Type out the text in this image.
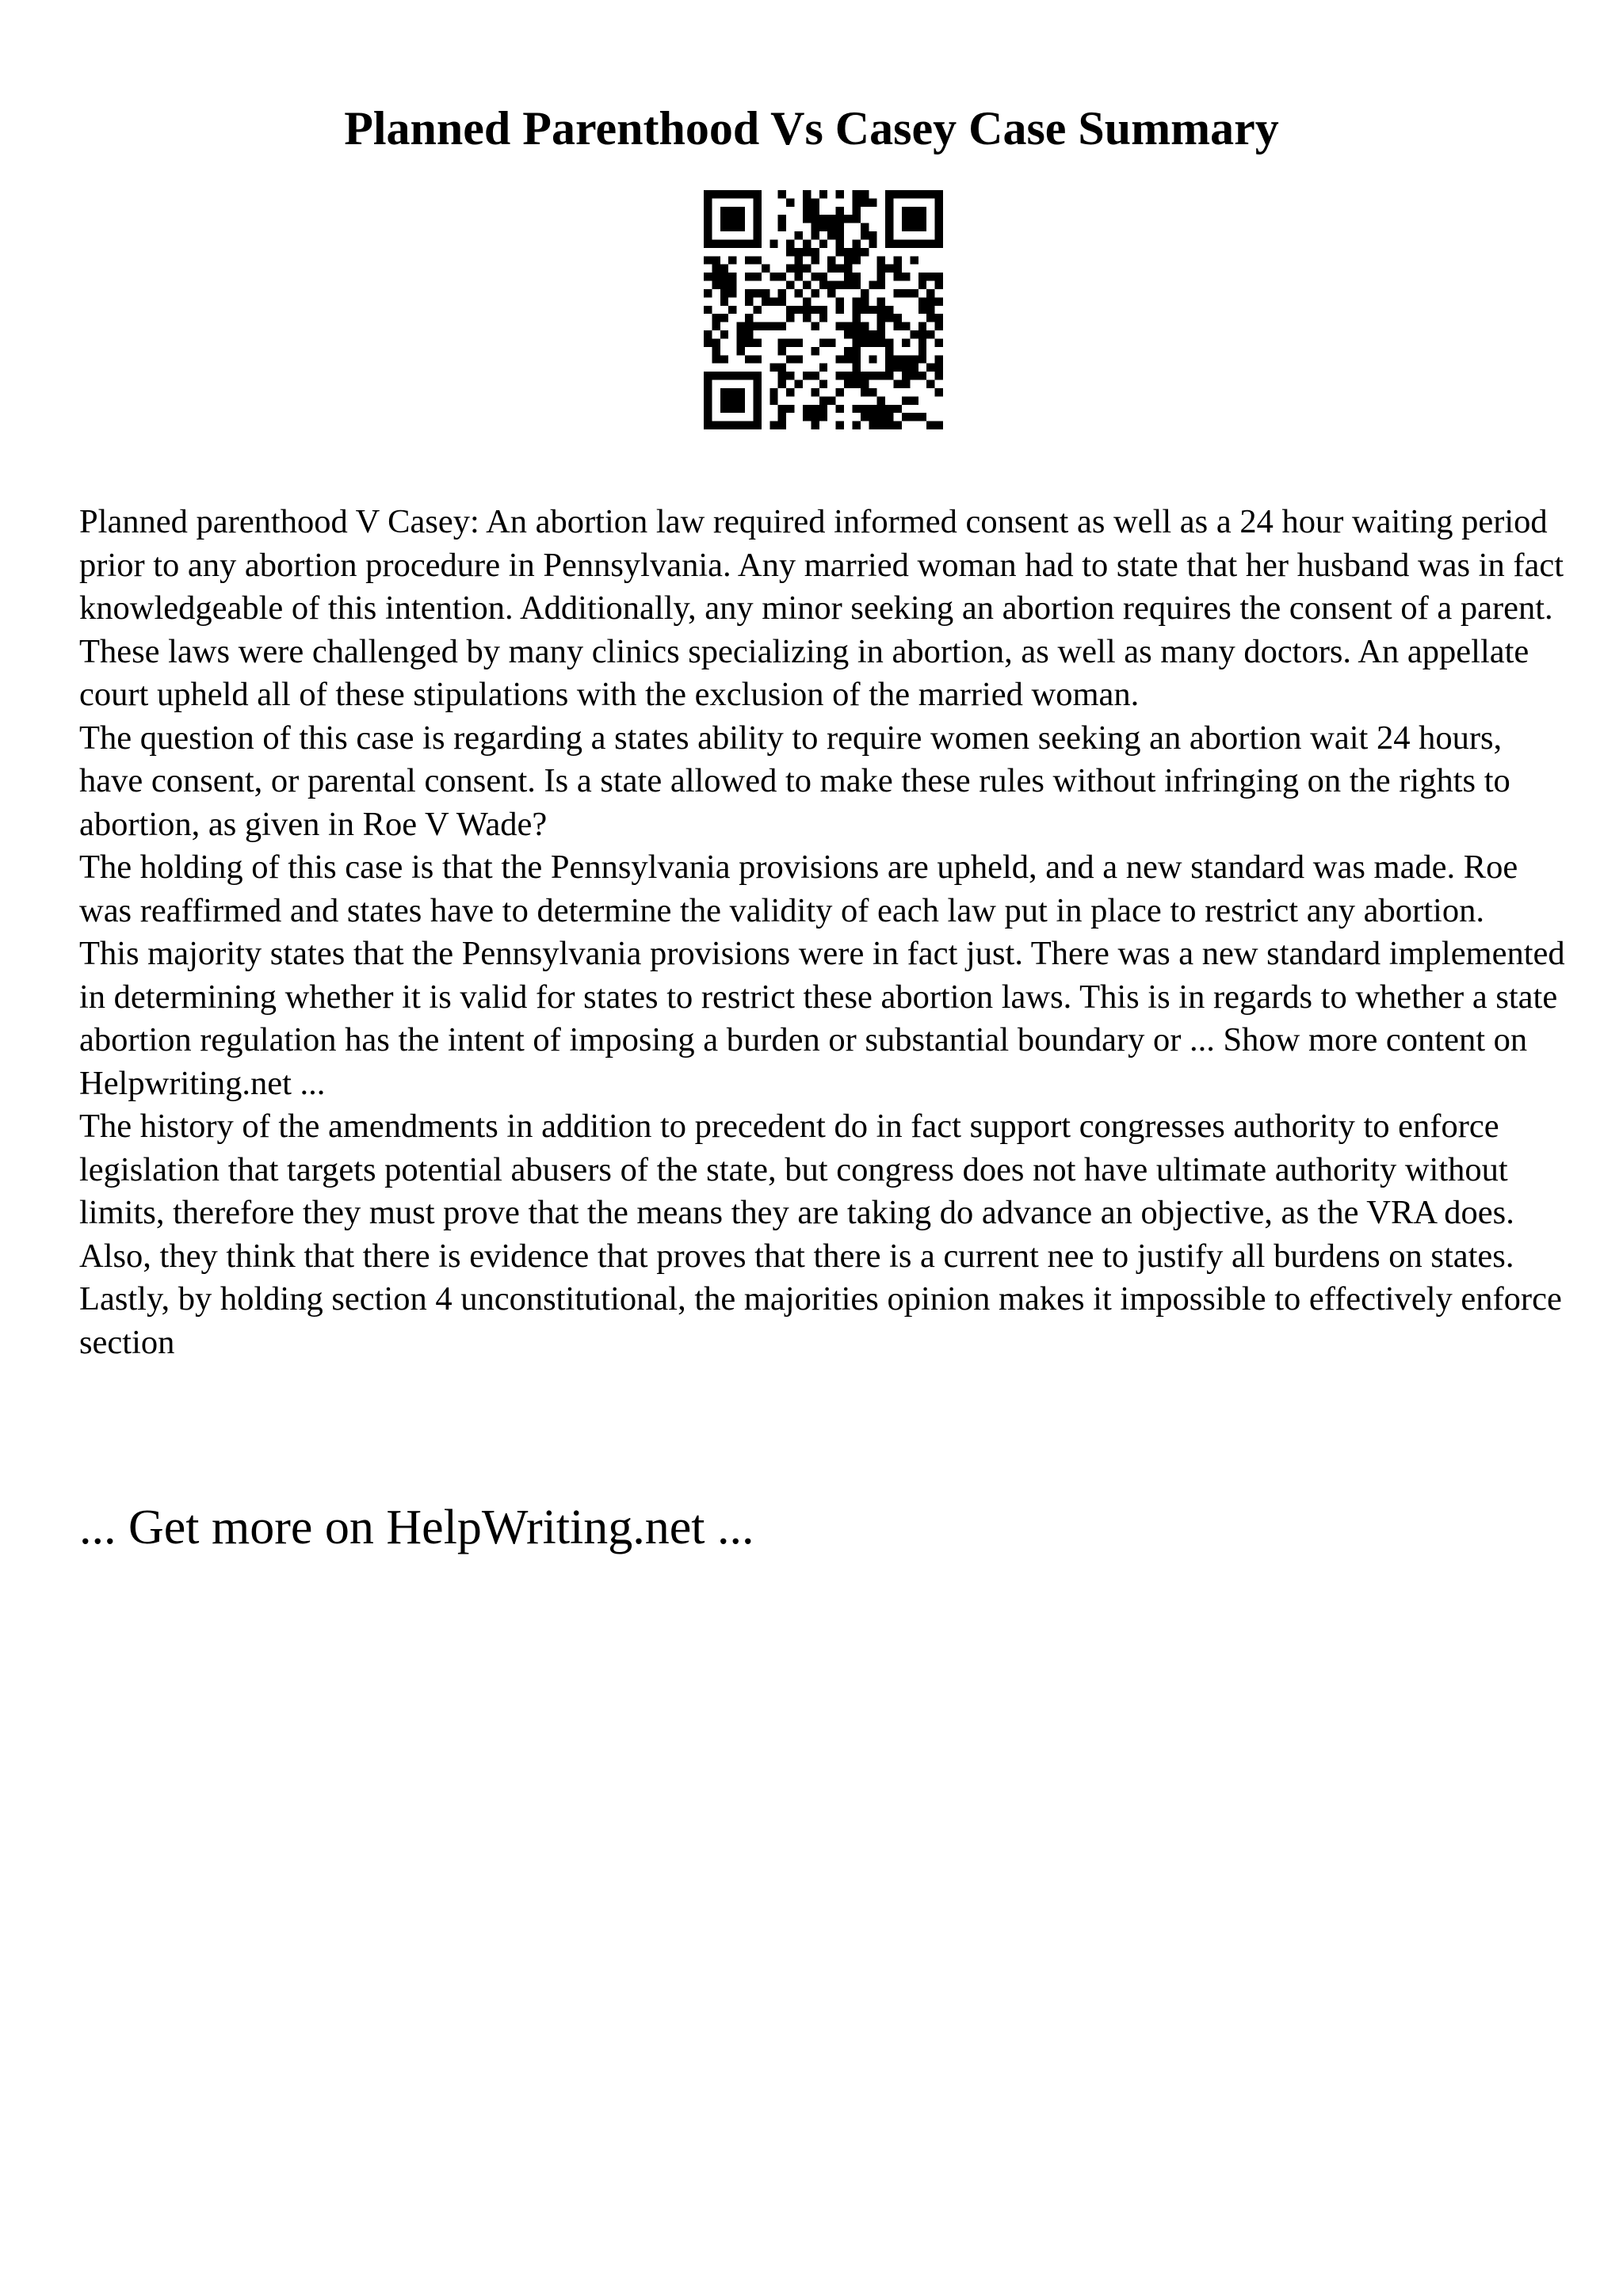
Planned Parenthood Vs Casey Case Summary

Planned parenthood V Casey: An abortion law required informed consent as well as a 24 hour waiting period prior to any abortion procedure in Pennsylvania. Any married woman had to state that her husband was in fact knowledgeable of this intention. Additionally, any minor seeking an abortion requires the consent of a parent. These laws were challenged by many clinics specializing in abortion, as well as many doctors. An appellate court upheld all of these stipulations with the exclusion of the married woman.

The question of this case is regarding a states ability to require women seeking an abortion wait 24 hours, have consent, or parental consent. Is a state allowed to make these rules without infringing on the rights to abortion, as given in Roe V Wade?

The holding of this case is that the Pennsylvania provisions are upheld, and a new standard was made. Roe was reaffirmed and states have to determine the validity of each law put in place to restrict any abortion.

This majority states that the Pennsylvania provisions were in fact just. There was a new standard implemented in determining whether it is valid for states to restrict these abortion laws. This is in regards to whether a state abortion regulation has the intent of imposing a burden or substantial boundary or ... Show more content on Helpwriting.net ...

The history of the amendments in addition to precedent do in fact support congresses authority to enforce legislation that targets potential abusers of the state, but congress does not have ultimate authority without limits, therefore they must prove that the means they are taking do advance an objective, as the VRA does. Also, they think that there is evidence that proves that there is a current nee to justify all burdens on states. Lastly, by holding section 4 unconstitutional, the majorities opinion makes it impossible to effectively enforce section

... Get more on HelpWriting.net ...
